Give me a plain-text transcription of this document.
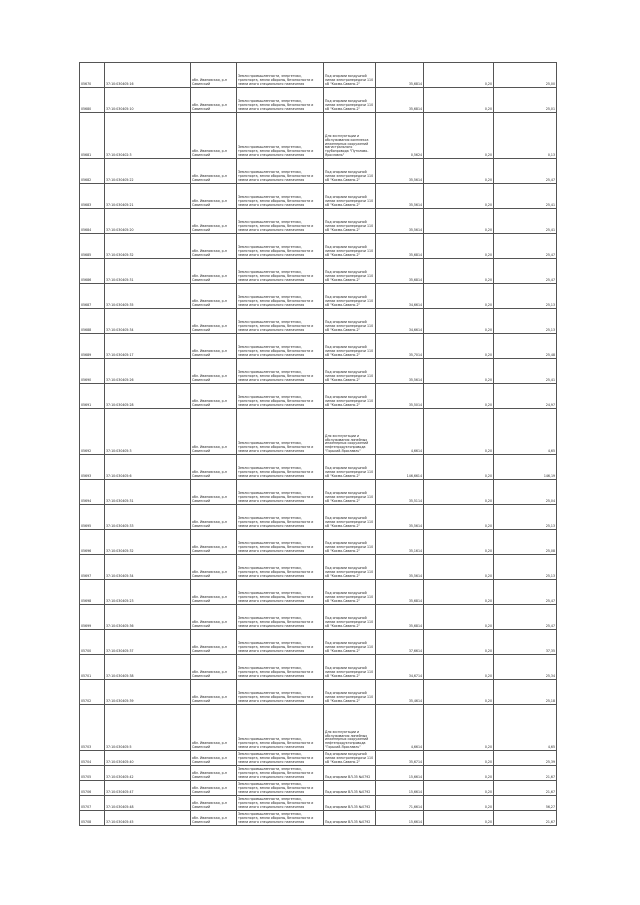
05670	37:10:030405:16	обл. Ивановская, р-н Савинский	Земли промышленности, энергетики, транспорта, земли обороны, безопасности и земли иного специального назначения	Под опорами воздушной линии электропередачи 110 кВ "Кохма-Савино-2"	35,6814	0,20	25,00
05680	37:10:030405:10	обл. Ивановская, р-н Савинский	Земли промышленности, энергетики, транспорта, земли обороны, безопасности и земли иного специального назначения	Под опорами воздушной линии электропередачи 110 кВ "Кохма-Савино-2"	35,6814	0,20	25,01
05681	37:10:030402:3	обл. Ивановская, р-н Савинский	Земли промышленности, энергетики, транспорта, земли обороны, безопасности и земли иного специального назначения	Для эксплуатации и обслуживания комплекса инженерных сооружений магистрального трубопровода "Путилово-Ярославль"	0,5624	0,20	0,13
05682	37:10:030405:22	обл. Ивановская, р-н Савинский	Земли промышленности, энергетики, транспорта, земли обороны, безопасности и земли иного специального назначения	Под опорами воздушной линии электропередачи 110 кВ "Кохма-Савино-2"	35,5614	0,20	25,47
05683	37:10:030405:21	обл. Ивановская, р-н Савинский	Земли промышленности, энергетики, транспорта, земли обороны, безопасности и земли иного специального назначения	Под опорами воздушной линии электропередачи 110 кВ "Кохма-Савино-2"	35,5614	0,20	25,41
05684	37:10:030405:20	обл. Ивановская, р-н Савинский	Земли промышленности, энергетики, транспорта, земли обороны, безопасности и земли иного специального назначения	Под опорами воздушной линии электропередачи 110 кВ "Кохма-Савино-2"	35,5614	0,20	25,41
05685	37:10:030405:32	обл. Ивановская, р-н Савинский	Земли промышленности, энергетики, транспорта, земли обороны, безопасности и земли иного специального назначения	Под опорами воздушной линии электропередачи 110 кВ "Кохма-Савино-2"	35,6814	0,20	25,47
05686	37:10:030405:31	обл. Ивановская, р-н Савинский	Земли промышленности, энергетики, транспорта, земли обороны, безопасности и земли иного специального назначения	Под опорами воздушной линии электропередачи 110 кВ "Кохма-Савино-2"	35,6814	0,20	25,47
05687	37:10:030405:35	обл. Ивановская, р-н Савинский	Земли промышленности, энергетики, транспорта, земли обороны, безопасности и земли иного специального назначения	Под опорами воздушной линии электропередачи 110 кВ "Кохма-Савино-2"	34,6614	0,20	25,13
05688	37:10:030405:34	обл. Ивановская, р-н Савинский	Земли промышленности, энергетики, транспорта, земли обороны, безопасности и земли иного специального назначения	Под опорами воздушной линии электропередачи 110 кВ "Кохма-Савино-2"	34,6614	0,20	25,13
05689	37:10:030405:17	обл. Ивановская, р-н Савинский	Земли промышленности, энергетики, транспорта, земли обороны, безопасности и земли иного специального назначения	Под опорами воздушной линии электропередачи 110 кВ "Кохма-Савино-2"	35,7014	0,20	25,48
05690	37:10:030405:26	обл. Ивановская, р-н Савинский	Земли промышленности, энергетики, транспорта, земли обороны, безопасности и земли иного специального назначения	Под опорами воздушной линии электропередачи 110 кВ "Кохма-Савино-2"	35,5614	0,20	25,41
05691	37:10:030405:28	обл. Ивановская, р-н Савинский	Земли промышленности, энергетики, транспорта, земли обороны, безопасности и земли иного специального назначения	Под опорами воздушной линии электропередачи 110 кВ "Кохма-Савино-2"	35,5014	0,20	24,97
05692	37:10:030405:3	обл. Ивановская, р-н Савинский	Земли промышленности, энергетики, транспорта, земли обороны, безопасности и земли иного специального назначения	Для эксплуатации и обслуживания линейных инженерных сооружений нефтепродуктопровода "Горький-Ярославль"	4,6614	0,20	4,65
05693	37:10:030405:6	обл. Ивановская, р-н Савинский	Земли промышленности, энергетики, транспорта, земли обороны, безопасности и земли иного специального назначения	Под опорами воздушной линии электропередачи 110 кВ "Кохма-Савино-2"	146,6614	0,20	146,19
05694	37:10:030405:31	обл. Ивановская, р-н Савинский	Земли промышленности, энергетики, транспорта, земли обороны, безопасности и земли иного специального назначения	Под опорами воздушной линии электропередачи 110 кВ "Кохма-Савино-2"	35,5114	0,20	25,04
05695	37:10:030405:33	обл. Ивановская, р-н Савинский	Земли промышленности, энергетики, транспорта, земли обороны, безопасности и земли иного специального назначения	Под опорами воздушной линии электропередачи 110 кВ "Кохма-Савино-2"	35,5614	0,20	25,13
05696	37:10:030405:32	обл. Ивановская, р-н Савинский	Земли промышленности, энергетики, транспорта, земли обороны, безопасности и земли иного специального назначения	Под опорами воздушной линии электропередачи 110 кВ "Кохма-Савино-2"	35,1614	0,20	25,08
05697	37:10:030405:34	обл. Ивановская, р-н Савинский	Земли промышленности, энергетики, транспорта, земли обороны, безопасности и земли иного специального назначения	Под опорами воздушной линии электропередачи 110 кВ "Кохма-Савино-2"	35,5614	0,20	25,13
05698	37:10:030405:23	обл. Ивановская, р-н Савинский	Земли промышленности, энергетики, транспорта, земли обороны, безопасности и земли иного специального назначения	Под опорами воздушной линии электропередачи 110 кВ "Кохма-Савино-2"	35,6814	0,20	25,47
05699	37:10:030405:36	обл. Ивановская, р-н Савинский	Земли промышленности, энергетики, транспорта, земли обороны, безопасности и земли иного специального назначения	Под опорами воздушной линии электропередачи 110 кВ "Кохма-Савино-2"	35,6814	0,20	25,47
05700	37:10:030405:37	обл. Ивановская, р-н Савинский	Земли промышленности, энергетики, транспорта, земли обороны, безопасности и земли иного специального назначения	Под опорами воздушной линии электропередачи 110 кВ "Кохма-Савино-2"	37,6614	0,20	37,35
05701	37:10:030405:38	обл. Ивановская, р-н Савинский	Земли промышленности, энергетики, транспорта, земли обороны, безопасности и земли иного специального назначения	Под опорами воздушной линии электропередачи 110 кВ "Кохма-Савино-2"	34,6714	0,20	25,34
05702	37:10:030405:39	обл. Ивановская, р-н Савинский	Земли промышленности, энергетики, транспорта, земли обороны, безопасности и земли иного специального назначения	Под опорами воздушной линии электропередачи 110 кВ "Кохма-Савино-2"	35,4614	0,20	25,18
05703	37:10:030405:5	обл. Ивановская, р-н Савинский	Земли промышленности, энергетики, транспорта, земли обороны, безопасности и земли иного специального назначения	Для эксплуатации и обслуживания линейных инженерных сооружений нефтепродуктопровода "Горький-Ярославль"	4,6614	0,20	4,65
05704	37:10:030405:40	обл. Ивановская, р-н Савинский	Земли промышленности, энергетики, транспорта, земли обороны, безопасности и земли иного специального назначения	Под опорами воздушной линии электропередачи 110 кВ "Кохма-Савино-2"	35,6714	0,20	25,39
05705	37:10:030405:42	обл. Ивановская, р-н Савинский	Земли промышленности, энергетики, транспорта, земли обороны, безопасности и земли иного специального назначения	Под опорами ВЛ-35 №0792	15,6614	0,20	21,67
05706	37:10:030405:47	обл. Ивановская, р-н Савинский	Земли промышленности, энергетики, транспорта, земли обороны, безопасности и земли иного специального назначения	Под опорами ВЛ-35 №0792	15,6614	0,20	21,67
05707	37:10:030405:48	обл. Ивановская, р-н Савинский	Земли промышленности, энергетики, транспорта, земли обороны, безопасности и земли иного специального назначения	Под опорами ВЛ-35 №0792	71,6614	0,20	56,27
05708	37:10:030405:45	обл. Ивановская, р-н Савинский	Земли промышленности, энергетики, транспорта, земли обороны, безопасности и земли иного специального назначения	Под опорами ВЛ-35 №0792	15,6614	0,20	21,67
